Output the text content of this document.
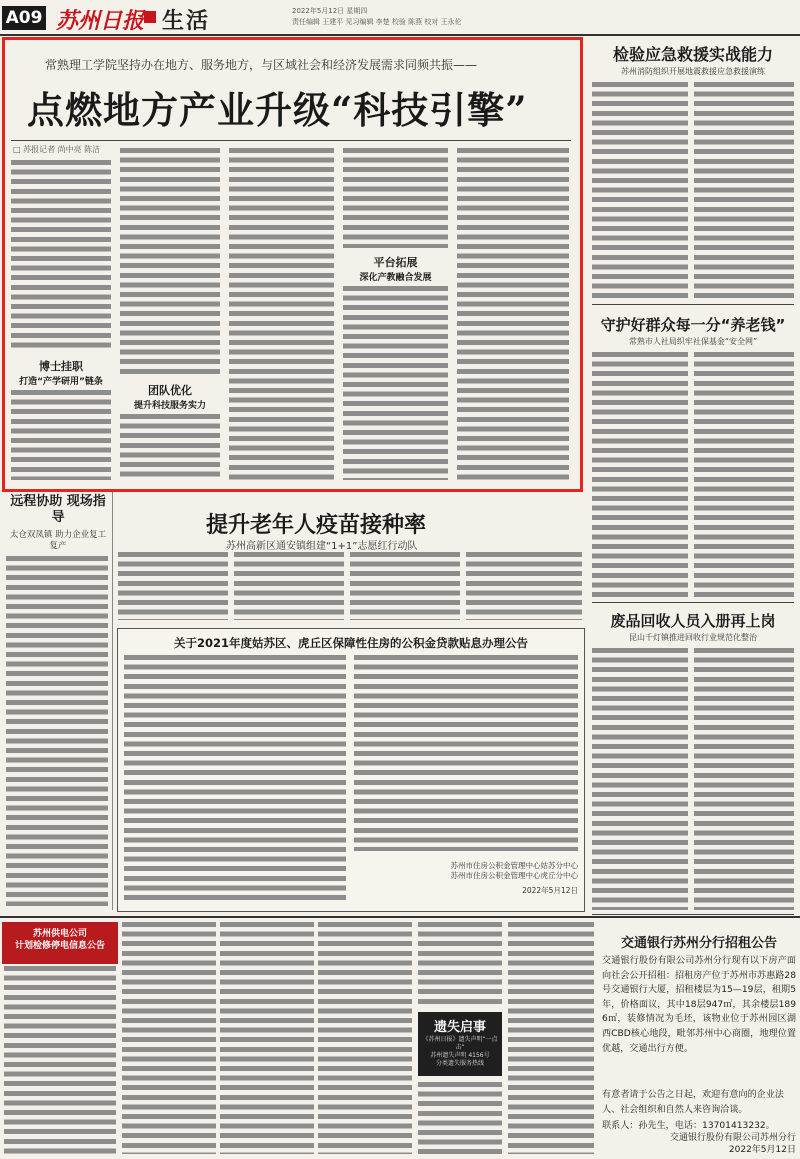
A09 苏州日报 生活	2022年5月12日 星期四
责任编辑 王建平 见习编辑 李楚 校验 陈燕 校对 王永伦
常熟理工学院坚持办在地方、服务地方，与区域社会和经济发展需求同频共振——
点燃地方产业升级“科技引擎”
□ 苏报记者 尚中亮 陈洁
博士挂职
打造“产学研用”链条
团队优化
提升科技服务实力
平台拓展
深化产教融合发展
检验应急救援实战能力
苏州消防组织开展地震救援应急救援演练
守护好群众每一分“养老钱”
常熟市人社局织牢社保基金“安全网”
废品回收人员入册再上岗
昆山千灯镇推进回收行业规范化整治
远程协助 现场指导
太仓双凤镇 助力企业复工复产
提升老年人疫苗接种率
苏州高新区通安镇组建“1+1”志愿红行动队
关于2021年度姑苏区、虎丘区保障性住房的公积金贷款贴息办理公告
苏州市住房公积金管理中心姑苏分中心
苏州市住房公积金管理中心虎丘分中心
2022年5月12日
苏州供电公司
计划检修停电信息公告
遗失启事
《苏州日报》遗失声明“一点击”
苏州遗失声明 4156号
分类遗失服务热线
交通银行苏州分行招租公告
交通银行股份有限公司苏州分行现有以下房产面向社会公开招租：招租房产位于苏州市苏惠路28号交通银行大厦，招租楼层为15—19层，租期5年，价格面议，其中18层947㎡，其余楼层1896㎡，装修情况为毛坯，该物业位于苏州园区湖西CBD核心地段，毗邻苏州中心商圈，地理位置优越，交通出行方便。
有意者请于公告之日起，欢迎有意向的企业法人、社会组织和自然人来咨询洽谈。
联系人：孙先生，电话：13701413232。
交通银行股份有限公司苏州分行
2022年5月12日
